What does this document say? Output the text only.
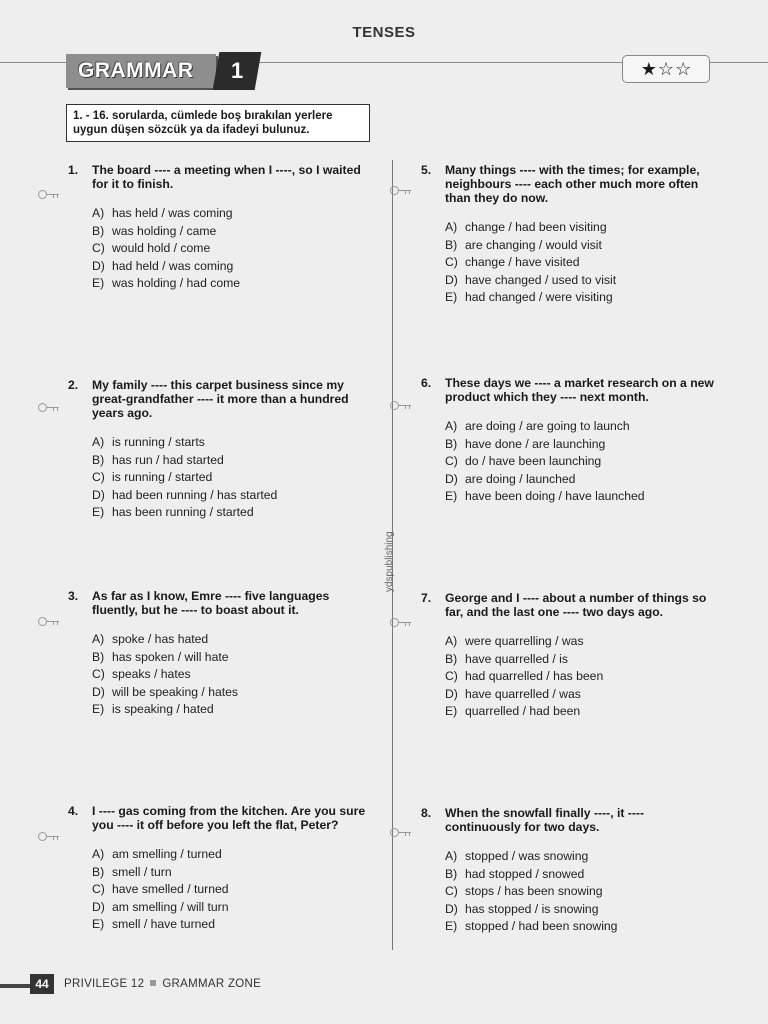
TENSES
GRAMMAR	1	★ ☆ ☆
1. - 16. sorularda, cümlede boş bırakılan yerlere uygun düşen sözcük ya da ifadeyi bulunuz.
ydspublishing
1. The board ---- a meeting when I ----, so I waited for it to finish.
A) has held / was coming
B) was holding / came
C) would hold / come
D) had held / was coming
E) was holding / had come
2. My family ---- this carpet business since my great-grandfather ---- it more than a hundred years ago.
A) is running / starts
B) has run / had started
C) is running / started
D) had been running / has started
E) has been running / started
3. As far as I know, Emre ---- five languages fluently, but he ---- to boast about it.
A) spoke / has hated
B) has spoken / will hate
C) speaks / hates
D) will be speaking / hates
E) is speaking / hated
4. I ---- gas coming from the kitchen. Are you sure you ---- it off before you left the flat, Peter?
A) am smelling / turned
B) smell / turn
C) have smelled / turned
D) am smelling / will turn
E) smell / have turned
5. Many things ---- with the times; for example, neighbours ---- each other much more often than they do now.
A) change / had been visiting
B) are changing / would visit
C) change / have visited
D) have changed / used to visit
E) had changed / were visiting
6. These days we ---- a market research on a new product which they ---- next month.
A) are doing / are going to launch
B) have done / are launching
C) do / have been launching
D) are doing / launched
E) have been doing / have launched
7. George and I ---- about a number of things so far, and the last one ---- two days ago.
A) were quarrelling / was
B) have quarrelled / is
C) had quarrelled / has been
D) have quarrelled / was
E) quarrelled / had been
8. When the snowfall finally ----, it ---- continuously for two days.
A) stopped / was snowing
B) had stopped / snowed
C) stops / has been snowing
D) has stopped / is snowing
E) stopped / had been snowing
44	PRIVILEGE 12 GRAMMAR ZONE
